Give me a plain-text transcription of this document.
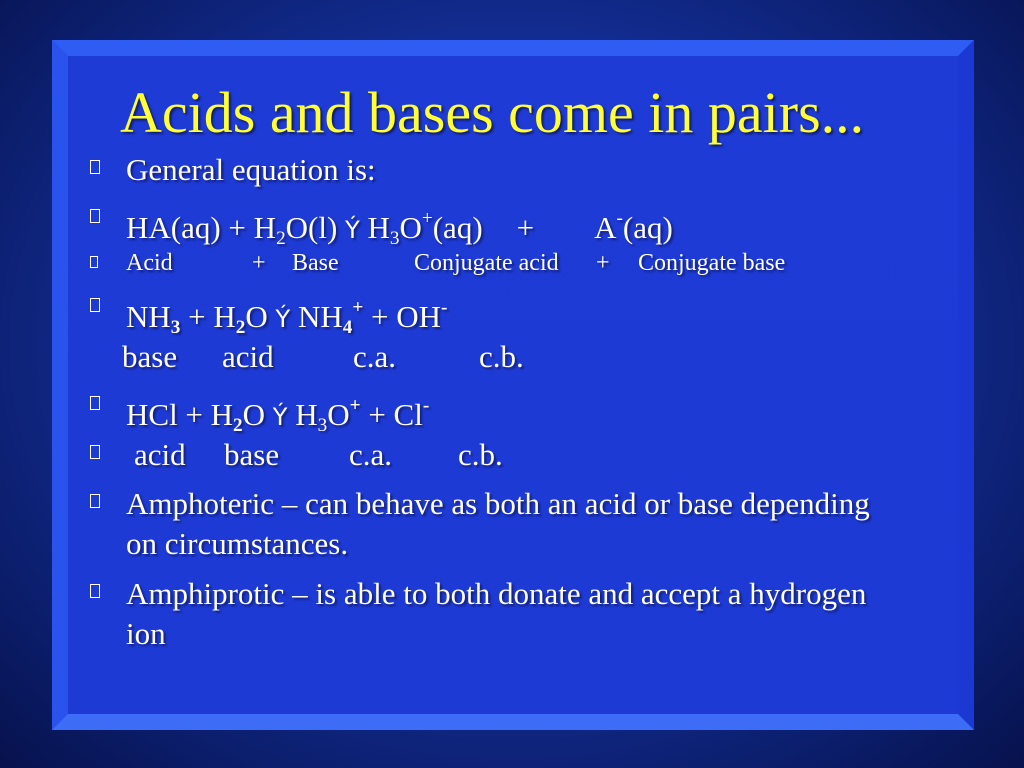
Acids and bases come in pairs...
General equation is:
$HA(aq) + H_2O(l)$ Ý $H_3O^+(aq) + A^-(aq)$
Acid	+ Base	Conjugate acid + Conjugate base
$NH_3 + H_2O$ Ý $NH_4^+ + OH^-$
base acid	c.a.	c.b.
HCl + $H_2O$ Ý $H_3O^+ + Cl^-$
acid base c.a. c.b.
Amphoteric – can behave as both an acid or base depending on circumstances.
Amphiprotic – is able to both donate and accept a hydrogen ion
